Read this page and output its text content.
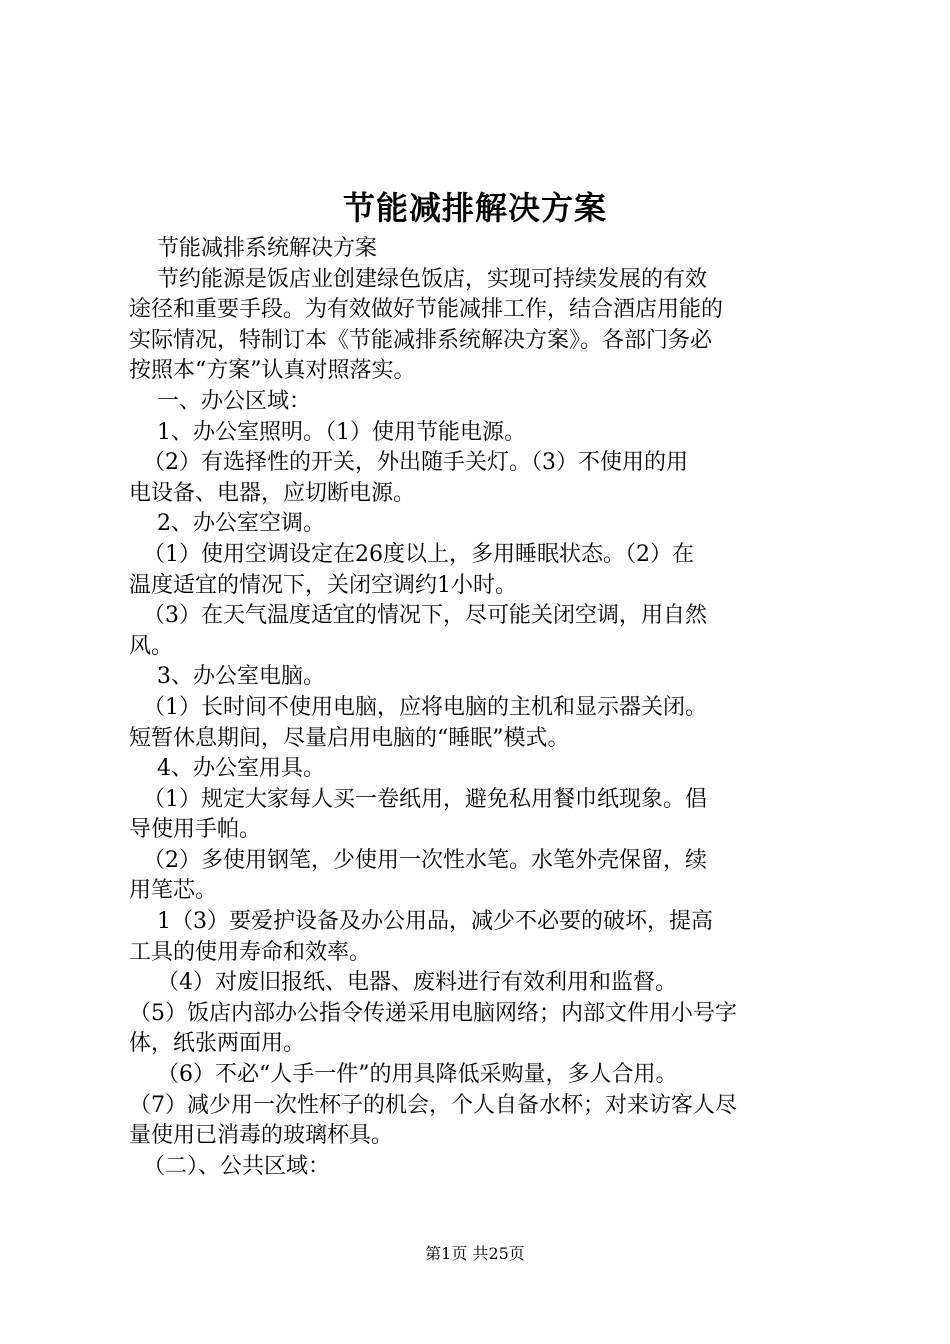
节能减排解决方案

节能减排系统解决方案

节约能源是饭店业创建绿色饭店，实现可持续发展的有效

途径和重要手段。为有效做好节能减排工作，结合酒店用能的

实际情况，特制订本《节能减排系统解决方案》。各部门务必

按照本“方案”认真对照落实。

一、办公区域：

1、办公室照明。（1）使用节能电源。

（2）有选择性的开关，外出随手关灯。（3）不使用的用

电设备、电器，应切断电源。

2、办公室空调。

（1）使用空调设定在26度以上，多用睡眠状态。（2）在

温度适宜的情况下，关闭空调约1小时。

（3）在天气温度适宜的情况下，尽可能关闭空调，用自然

风。

3、办公室电脑。

（1）长时间不使用电脑，应将电脑的主机和显示器关闭。

短暂休息期间，尽量启用电脑的“睡眠”模式。

4、办公室用具。

（1）规定大家每人买一卷纸用，避免私用餐巾纸现象。倡

导使用手帕。

（2）多使用钢笔，少使用一次性水笔。水笔外壳保留，续

用笔芯。

1（3）要爱护设备及办公用品，减少不必要的破坏，提高

工具的使用寿命和效率。

（4）对废旧报纸、电器、废料进行有效利用和监督。

（5）饭店内部办公指令传递采用电脑网络；内部文件用小号字

体，纸张两面用。

（6）不必“人手一件”的用具降低采购量，多人合用。

（7）减少用一次性杯子的机会，个人自备水杯；对来访客人尽

量使用已消毒的玻璃杯具。

（二）、公共区域：

第1页 共25页
